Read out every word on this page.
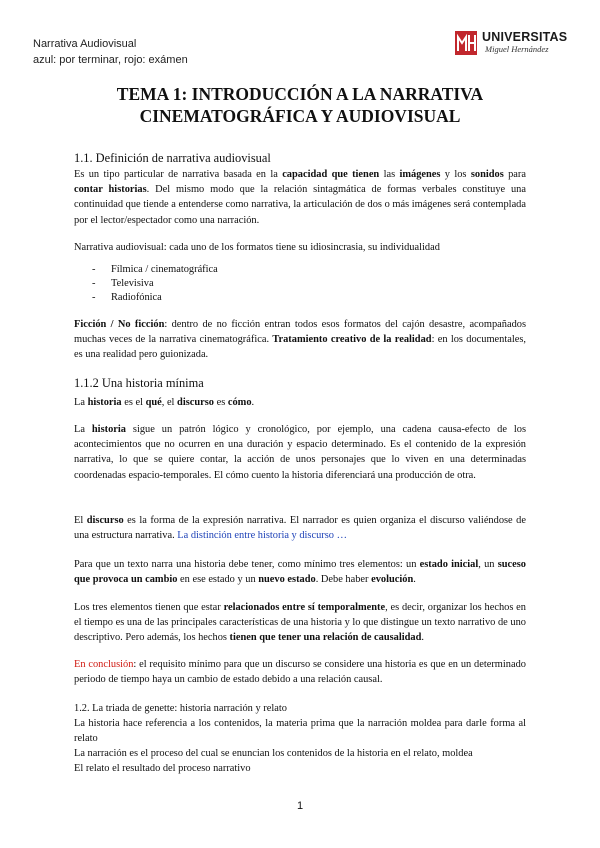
Narrativa Audiovisual
azul: por terminar, rojo: exámen
UNIVERSITAS
Miguel Hernández
TEMA 1: INTRODUCCIÓN A LA NARRATIVA
CINEMATOGRÁFICA Y AUDIOVISUAL

1.1. Definición de narrativa audiovisual

Es un tipo particular de narrativa basada en la capacidad que tienen las imágenes y los sonidos para contar historias. Del mismo modo que la relación sintagmática de formas verbales constituye una continuidad que tiende a entenderse como narrativa, la articulación de dos o más imágenes será contemplada por el lector/espectador como una narración.

Narrativa audiovisual: cada uno de los formatos tiene su idiosincrasia, su individualidad

- Fílmica / cinematográfica

- Televisiva

- Radiofónica

Ficción / No ficción: dentro de no ficción entran todos esos formatos del cajón desastre, acompañados muchas veces de la narrativa cinematográfica. Tratamiento creativo de la realidad: en los documentales, es una realidad pero guionizada.

1.1.2 Una historia mínima

La historia es el qué, el discurso es cómo.

La historia sigue un patrón lógico y cronológico, por ejemplo, una cadena causa-efecto de los acontecimientos que no ocurren en una duración y espacio determinado. Es el contenido de la expresión narrativa, lo que se quiere contar, la acción de unos personajes que lo viven en una determinadas coordenadas espacio-temporales. El cómo cuento la historia diferenciará una producción de otra.

El discurso es la forma de la expresión narrativa. El narrador es quien organiza el discurso valiéndose de una estructura narrativa. La distinción entre historia y discurso …

Para que un texto narra una historia debe tener, como mínimo tres elementos: un estado inicial, un suceso que provoca un cambio en ese estado y un nuevo estado. Debe haber evolución.

Los tres elementos tienen que estar relacionados entre sí temporalmente, es decir, organizar los hechos en el tiempo es una de las principales características de una historia y lo que distingue un texto narrativo de uno descriptivo. Pero además, los hechos tienen que tener una relación de causalidad.

En conclusión: el requisito mínimo para que un discurso se considere una historia es que en un determinado periodo de tiempo haya un cambio de estado debido a una relación causal.

1.2. La triada de genette: historia narración y relato

La historia hace referencia a los contenidos, la materia prima que la narración moldea para darle forma al relato

La narración es el proceso del cual se enuncian los contenidos de la historia en el relato, moldea

El relato el resultado del proceso narrativo

1
